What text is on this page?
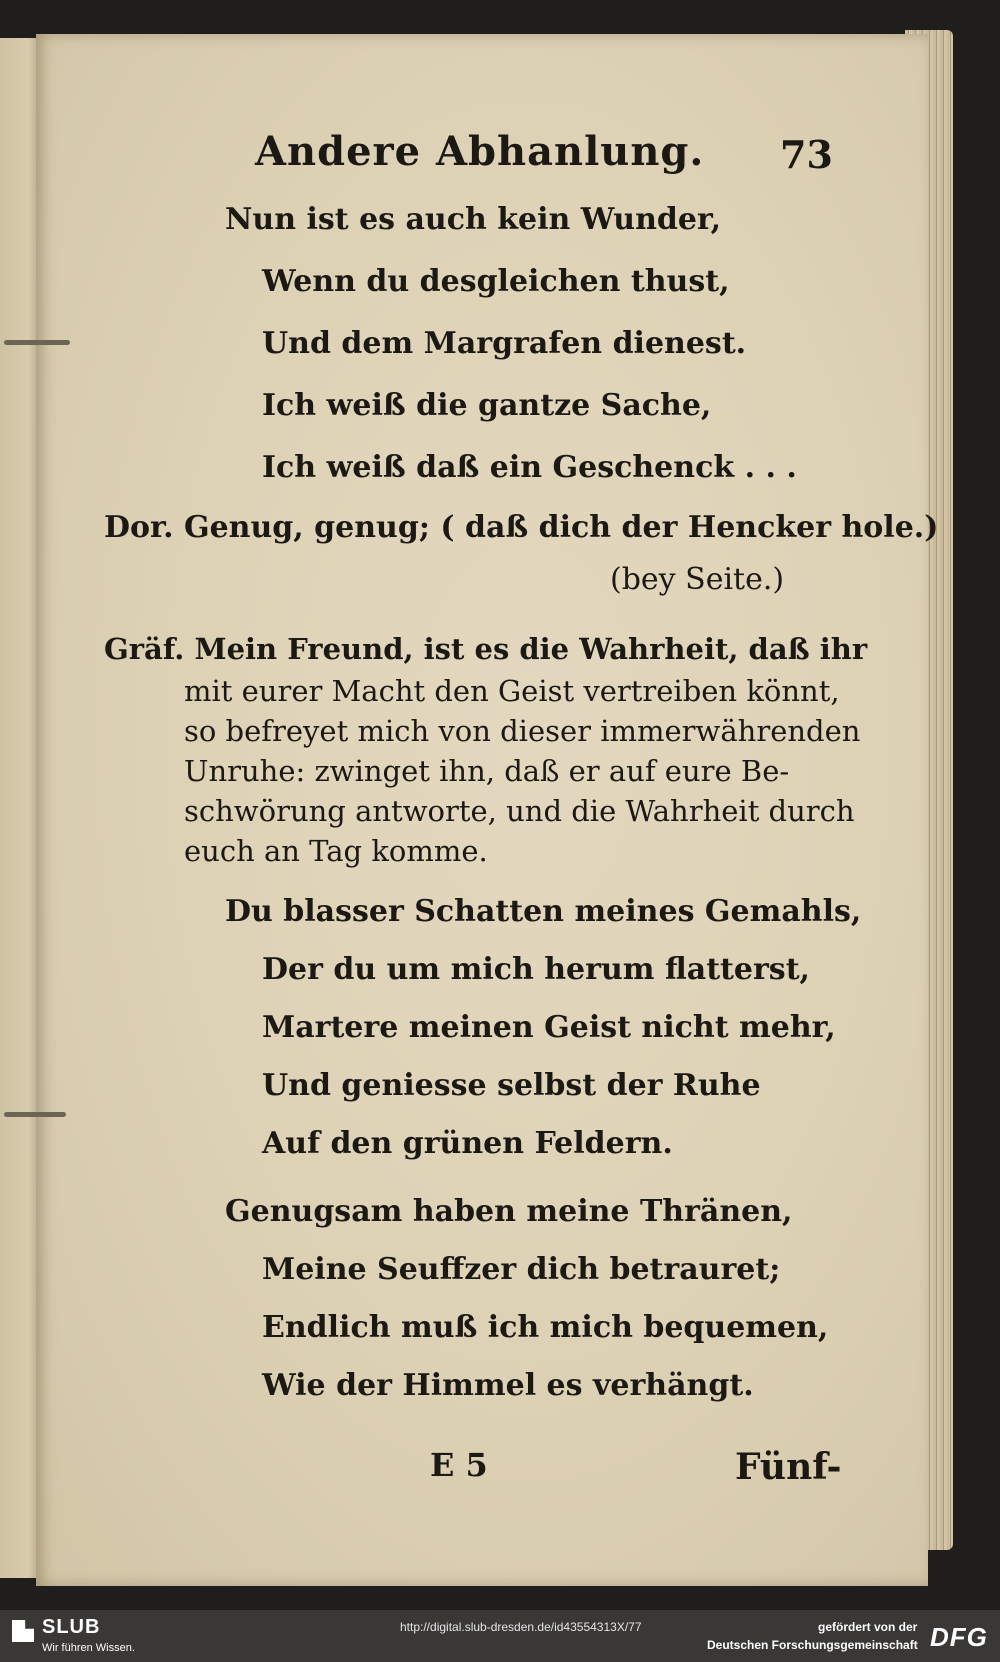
Andere Abhanlung. 73
Nun ist es auch kein Wunder,
Wenn du desgleichen thust,
Und dem Margrafen dienest.
Ich weiß die gantze Sache,
Ich weiß daß ein Geschenck . . .
Dor. Genug, genug; ( daß dich der Hencker hole.)
(bey Seite.)
Gräf. Mein Freund, ist es die Wahrheit, daß ihr
mit eurer Macht den Geist vertreiben könnt,
so befreyet mich von dieser immerwährenden
Unruhe: zwinget ihn, daß er auf eure Be-
schwörung antworte, und die Wahrheit durch
euch an Tag komme.
Du blasser Schatten meines Gemahls,
Der du um mich herum flatterst,
Martere meinen Geist nicht mehr,
Und geniesse selbst der Ruhe
Auf den grünen Feldern.
Genugsam haben meine Thränen,
Meine Seuffzer dich betrauret;
Endlich muß ich mich bequemen,
Wie der Himmel es verhängt.
E 5	Fünf-
SLUB
Wir führen Wissen.
http://digital.slub-dresden.de/id43554313X/77	gefördert von der
Deutschen Forschungsgemeinschaft DFG
